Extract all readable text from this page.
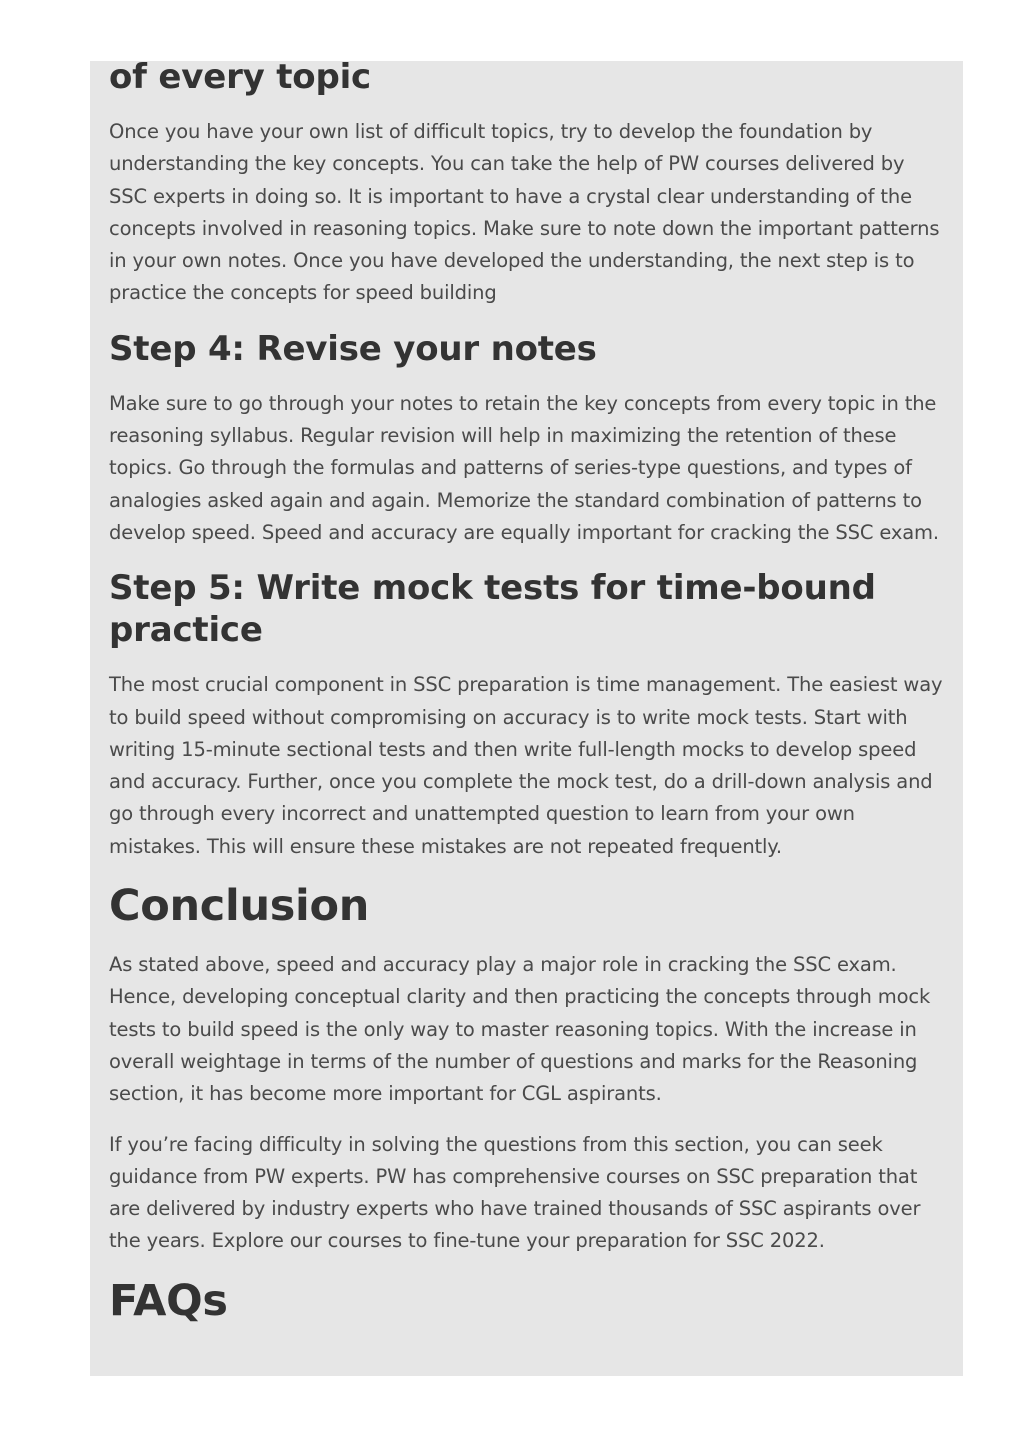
of every topic

Once you have your own list of difficult topics, try to develop the foundation by understanding the key concepts. You can take the help of PW courses delivered by SSC experts in doing so. It is important to have a crystal clear understanding of the concepts involved in reasoning topics. Make sure to note down the important patterns in your own notes. Once you have developed the understanding, the next step is to practice the concepts for speed building

Step 4: Revise your notes

Make sure to go through your notes to retain the key concepts from every topic in the reasoning syllabus. Regular revision will help in maximizing the retention of these topics. Go through the formulas and patterns of series-type questions, and types of analogies asked again and again. Memorize the standard combination of patterns to develop speed. Speed and accuracy are equally important for cracking the SSC exam.

Step 5: Write mock tests for time-bound practice

The most crucial component in SSC preparation is time management. The easiest way to build speed without compromising on accuracy is to write mock tests. Start with writing 15-minute sectional tests and then write full-length mocks to develop speed and accuracy. Further, once you complete the mock test, do a drill-down analysis and go through every incorrect and unattempted question to learn from your own mistakes. This will ensure these mistakes are not repeated frequently.

Conclusion

As stated above, speed and accuracy play a major role in cracking the SSC exam. Hence, developing conceptual clarity and then practicing the concepts through mock tests to build speed is the only way to master reasoning topics. With the increase in overall weightage in terms of the number of questions and marks for the Reasoning section, it has become more important for CGL aspirants.

If you’re facing difficulty in solving the questions from this section, you can seek guidance from PW experts. PW has comprehensive courses on SSC preparation that are delivered by industry experts who have trained thousands of SSC aspirants over the years. Explore our courses to fine-tune your preparation for SSC 2022.

FAQs
